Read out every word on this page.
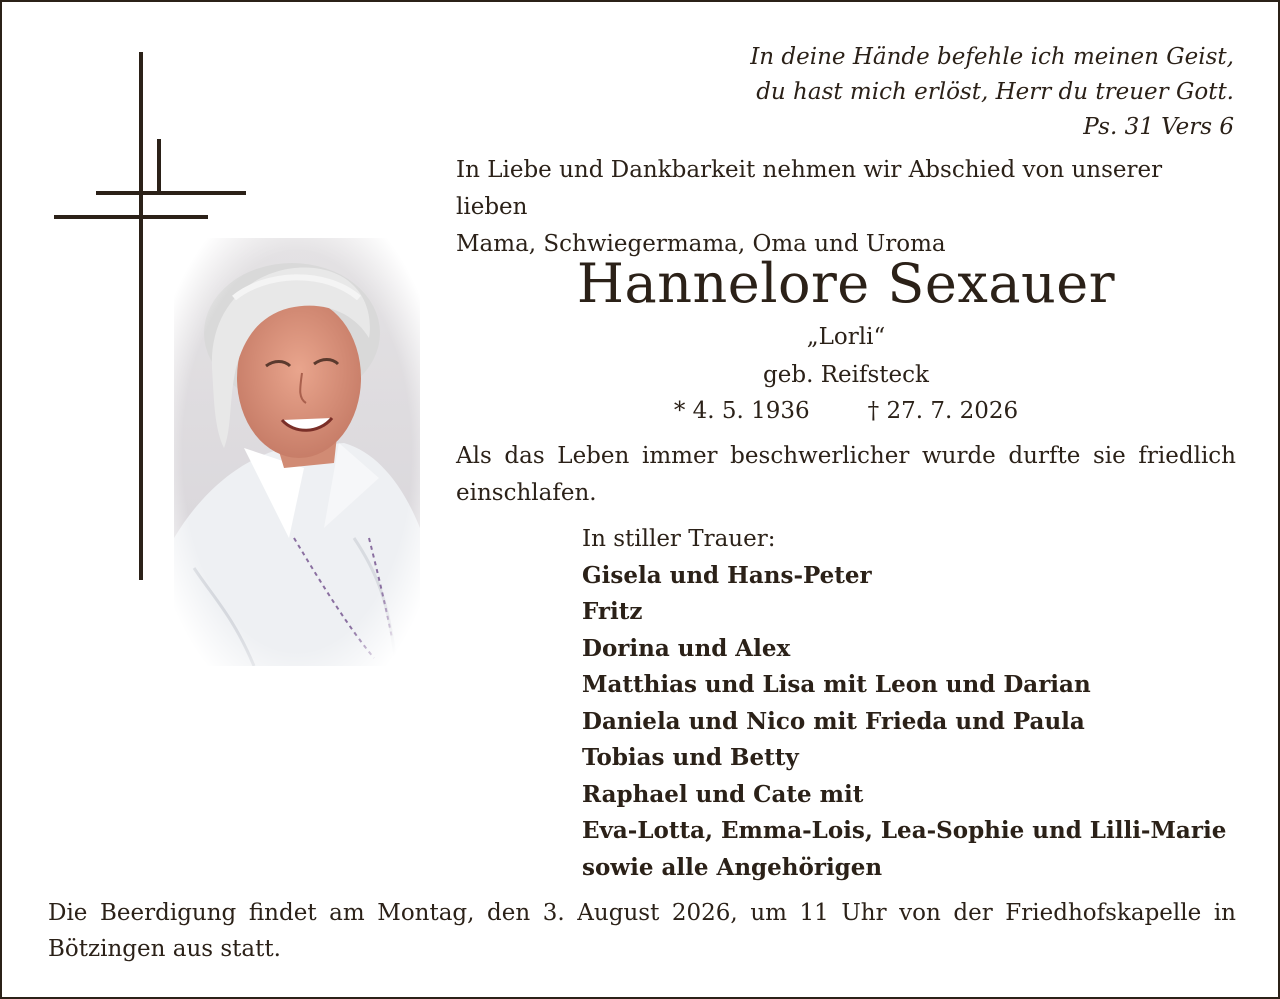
In deine Hände befehle ich meinen Geist,
du hast mich erlöst, Herr du treuer Gott.
Ps. 31 Vers 6
In Liebe und Dankbarkeit nehmen wir Abschied von unserer lieben
Mama, Schwiegermama, Oma und Uroma
Hannelore Sexauer
„Lorli“
geb. Reifsteck
* 4. 5. 1936	† 27. 7. 2026
Als das Leben immer beschwerlicher wurde durfte sie friedlich
einschlafen.
In stiller Trauer:
Gisela und Hans-Peter
Fritz
Dorina und Alex
Matthias und Lisa mit Leon und Darian
Daniela und Nico mit Frieda und Paula
Tobias und Betty
Raphael und Cate mit
Eva-Lotta, Emma-Lois, Lea-Sophie und Lilli-Marie
sowie alle Angehörigen
Die Beerdigung findet am Montag, den 3. August 2026, um 11 Uhr von der Friedhofskapelle in
Bötzingen aus statt.
